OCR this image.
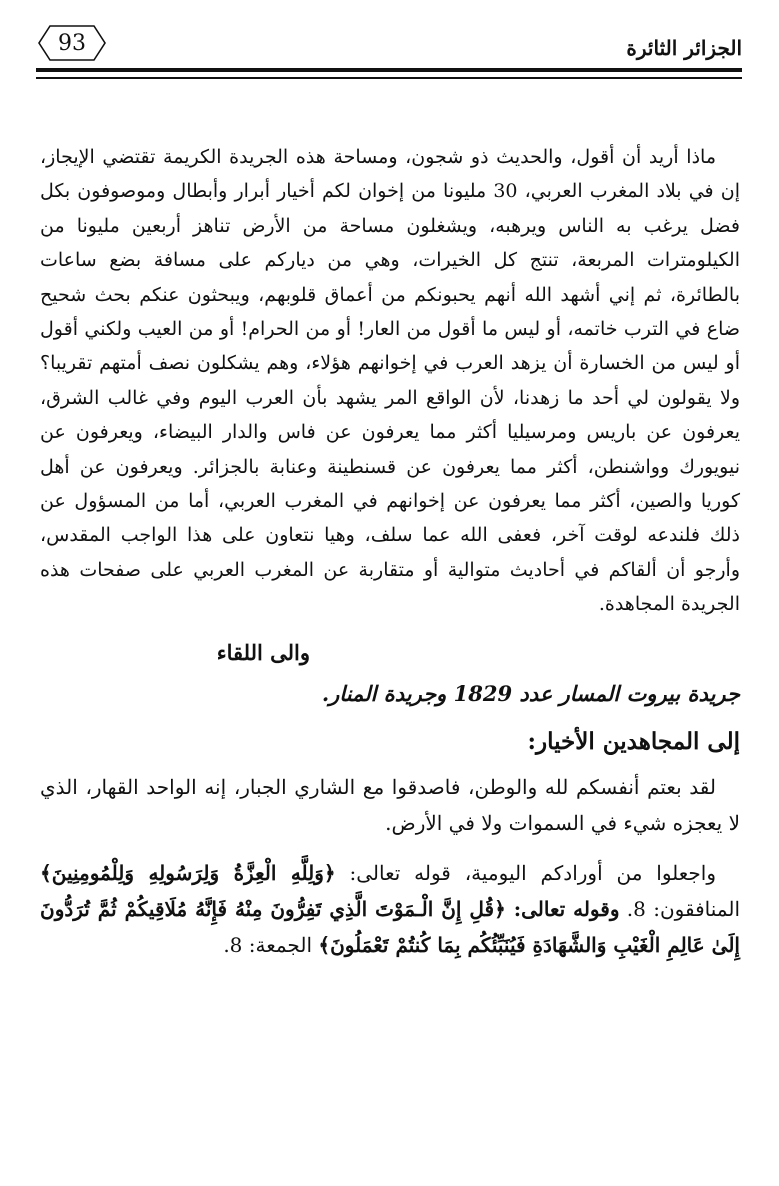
93	الجزائر الثائرة

ماذا أريد أن أقول، والحديث ذو شجون، ومساحة هذه الجريدة الكريمة تقتضي الإيجاز، إن في بلاد المغرب العربي، 30 مليونا من إخوان لكم أخيار أبرار وأبطال وموصوفون بكل فضل يرغب به الناس ويرهبه، ويشغلون مساحة من الأرض تناهز أربعين مليونا من الكيلومترات المربعة، تنتج كل الخيرات، وهي من دياركم على مسافة بضع ساعات بالطائرة، ثم إني أشهد الله أنهم يحبونكم من أعماق قلوبهم، ويبحثون عنكم بحث شحيح ضاع في الترب خاتمه، أو ليس ما أقول من العار! أو من الحرام! أو من العيب ولكني أقول أو ليس من الخسارة أن يزهد العرب في إخوانهم هؤلاء، وهم يشكلون نصف أمتهم تقريبا؟ ولا يقولون لي أحد ما زهدنا، لأن الواقع المر يشهد بأن العرب اليوم وفي غالب الشرق، يعرفون عن باريس ومرسيليا أكثر مما يعرفون عن فاس والدار البيضاء، ويعرفون عن نيويورك وواشنطن، أكثر مما يعرفون عن قسنطينة وعنابة بالجزائر. ويعرفون عن أهل كوريا والصين، أكثر مما يعرفون عن إخوانهم في المغرب العربي، أما من المسؤول عن ذلك فلندعه لوقت آخر، فعفى الله عما سلف، وهيا نتعاون على هذا الواجب المقدس، وأرجو أن ألقاكم في أحاديث متوالية أو متقاربة عن المغرب العربي على صفحات هذه الجريدة المجاهدة.

والى اللقاء

جريدة بيروت المسار عدد 1829 وجريدة المنار.

إلى المجاهدين الأخيار:

لقد بعتم أنفسكم لله والوطن، فاصدقوا مع الشاري الجبار، إنه الواحد القهار، الذي لا يعجزه شيء في السموات ولا في الأرض.

واجعلوا من أورادكم اليومية، قوله تعالى: ﴿وَلِلَّهِ الْعِزَّةُ وَلِرَسُولِهِ وَلِلْمُومِنِينَ﴾ المنافقون: 8. وقوله تعالى: ﴿قُلِ إِنَّ الْـمَوْتَ الَّذِي تَفِرُّونَ مِنْهُ فَإِنَّهُ مُلَاقِيكُمْ ثُمَّ تُرَدُّونَ إِلَىٰ عَالِمِ الْغَيْبِ وَالشَّهَادَةِ فَيُنَبِّئُكُم بِمَا كُنتُمْ تَعْمَلُونَ﴾ الجمعة: 8.
